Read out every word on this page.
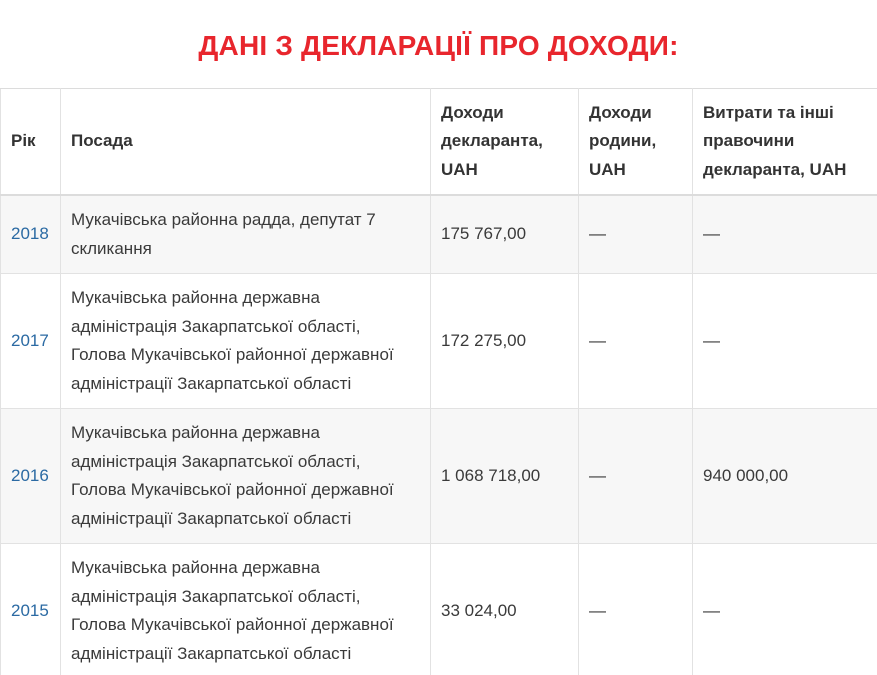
ДАНІ З ДЕКЛАРАЦІЇ ПРО ДОХОДИ:
Рік	Посада	Доходи декларанта, UAH	Доходи родини, UAH	Витрати та інші правочини декларанта, UAH
2018	Мукачівська районна радда, депутат 7 скликання	175 767,00	—	—
2017	Мукачівська районна державна адміністрація Закарпатської області, Голова Мукачівської районної державної адміністрації Закарпатської області	172 275,00	—	—
2016	Мукачівська районна державна адміністрація Закарпатської області, Голова Мукачівської районної державної адміністрації Закарпатської області	1 068 718,00	—	940 000,00
2015	Мукачівська районна державна адміністрація Закарпатської області, Голова Мукачівської районної державної адміністрації Закарпатської області	33 024,00	—	—
